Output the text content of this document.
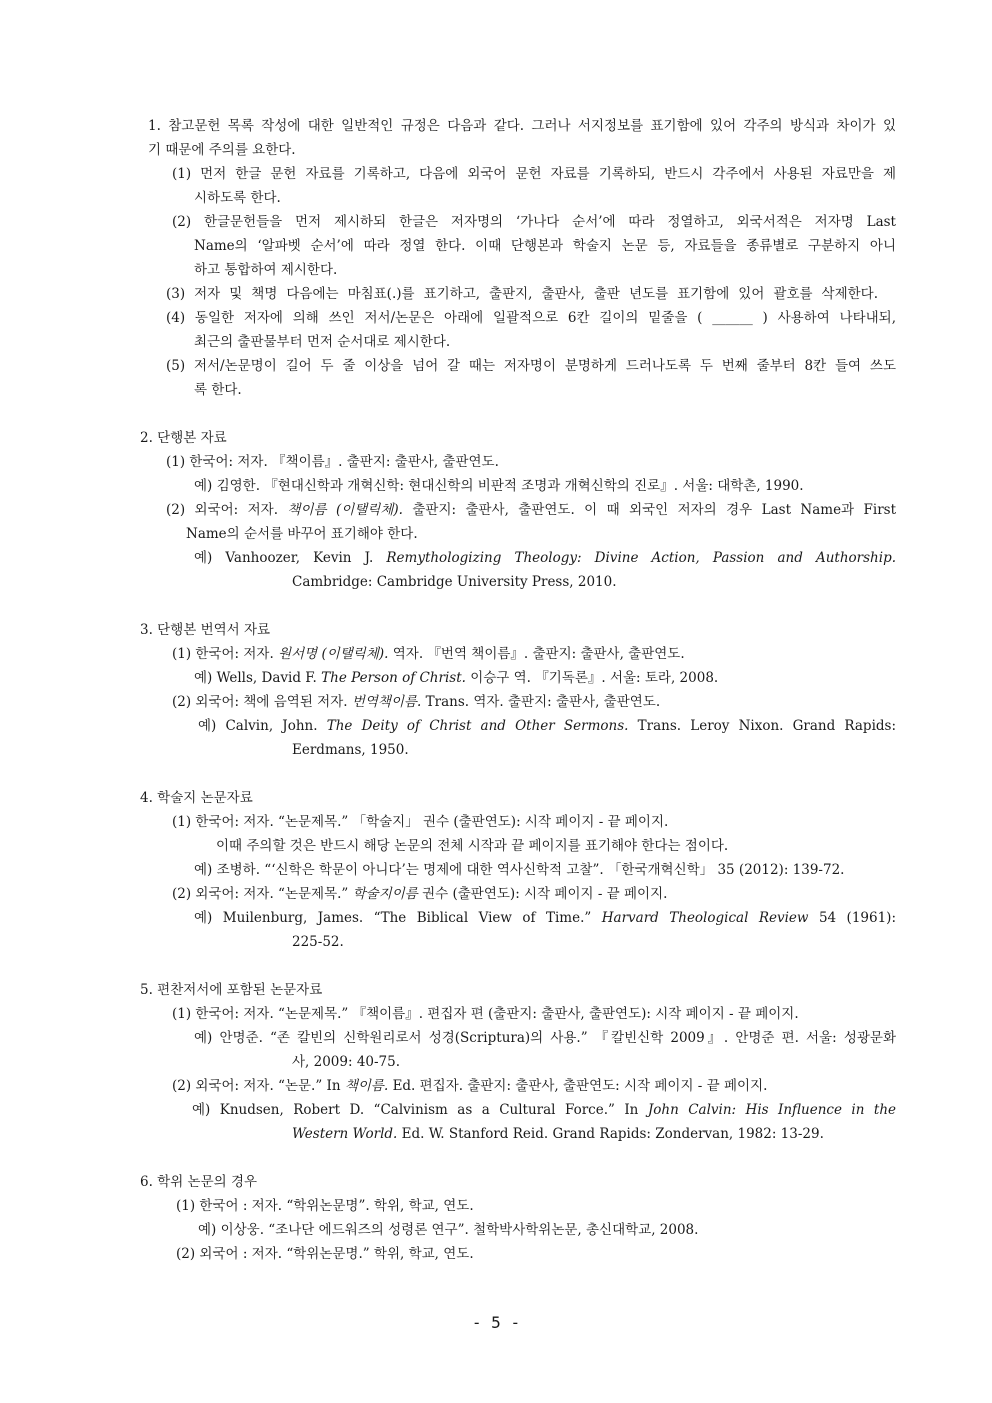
1. 참고문헌 목록 작성에 대한 일반적인 규정은 다음과 같다. 그러나 서지정보를 표기함에 있어 각주의 방식과 차이가 있
기 때문에 주의를 요한다.
(1) 먼저 한글 문헌 자료를 기록하고, 다음에 외국어 문헌 자료를 기록하되, 반드시 각주에서 사용된 자료만을 제
시하도록 한다.
(2) 한글문헌들을 먼저 제시하되 한글은 저자명의 ‘가나다 순서’에 따라 정열하고, 외국서적은 저자명 Last
Name의 ‘알파벳 순서’에 따라 정열 한다. 이때 단행본과 학술지 논문 등, 자료들을 종류별로 구분하지 아니
하고 통합하여 제시한다.
(3) 저자 및 책명 다음에는 마침표(.)를 표기하고, 출판지, 출판사, 출판 년도를 표기함에 있어 괄호를 삭제한다.
(4) 동일한 저자에 의해 쓰인 저서/논문은 아래에 일괄적으로 6칸 길이의 밑줄을 ( ______ ) 사용하여 나타내되,
최근의 출판물부터 먼저 순서대로 제시한다.
(5) 저서/논문명이 길어 두 줄 이상을 넘어 갈 때는 저자명이 분명하게 드러나도록 두 번째 줄부터 8칸 들여 쓰도
록 한다.
2. 단행본 자료
(1) 한국어: 저자. 『책이름』. 출판지: 출판사, 출판연도.
예) 김영한. 『현대신학과 개혁신학: 현대신학의 비판적 조명과 개혁신학의 진로』. 서울: 대학촌, 1990.
(2) 외국어: 저자. 책이름 (이탤릭체). 출판지: 출판사, 출판연도. 이 때 외국인 저자의 경우 Last Name과 First
Name의 순서를 바꾸어 표기해야 한다.
예) Vanhoozer, Kevin J. Remythologizing Theology: Divine Action, Passion and Authorship.
Cambridge: Cambridge University Press, 2010.
3. 단행본 번역서 자료
(1) 한국어: 저자. 원서명 (이탤릭체). 역자. 『번역 책이름』. 출판지: 출판사, 출판연도.
예) Wells, David F. The Person of Christ. 이승구 역. 『기독론』. 서울: 토라, 2008.
(2) 외국어: 책에 음역된 저자. 번역책이름. Trans. 역자. 출판지: 출판사, 출판연도.
예) Calvin, John. The Deity of Christ and Other Sermons. Trans. Leroy Nixon. Grand Rapids:
Eerdmans, 1950.
4. 학술지 논문자료
(1) 한국어: 저자. “논문제목.” 「학술지」 권수 (출판연도): 시작 페이지 - 끝 페이지.
이때 주의할 것은 반드시 해당 논문의 전체 시작과 끝 페이지를 표기해야 한다는 점이다.
예) 조병하. “‘신학은 학문이 아니다’는 명제에 대한 역사신학적 고찰”. 「한국개혁신학」 35 (2012): 139-72.
(2) 외국어: 저자. “논문제목.” 학술지이름 권수 (출판연도): 시작 페이지 - 끝 페이지.
예) Muilenburg, James. “The Biblical View of Time.” Harvard Theological Review 54 (1961):
225-52.
5. 편찬저서에 포함된 논문자료
(1) 한국어: 저자. “논문제목.” 『책이름』. 편집자 편 (출판지: 출판사, 출판연도): 시작 페이지 - 끝 페이지.
예) 안명준. “존 칼빈의 신학원리로서 성경(Scriptura)의 사용.” 『칼빈신학 2009』. 안명준 편. 서울: 성광문화
사, 2009: 40-75.
(2) 외국어: 저자. “논문.” In 책이름. Ed. 편집자. 출판지: 출판사, 출판연도: 시작 페이지 - 끝 페이지.
예) Knudsen, Robert D. “Calvinism as a Cultural Force.” In John Calvin: His Influence in the
Western World. Ed. W. Stanford Reid. Grand Rapids: Zondervan, 1982: 13-29.
6. 학위 논문의 경우
(1) 한국어 : 저자. “학위논문명”. 학위, 학교, 연도.
예) 이상웅. “조나단 에드워즈의 성령론 연구”. 철학박사학위논문, 총신대학교, 2008.
(2) 외국어 : 저자. “학위논문명.” 학위, 학교, 연도.
- 5 -
